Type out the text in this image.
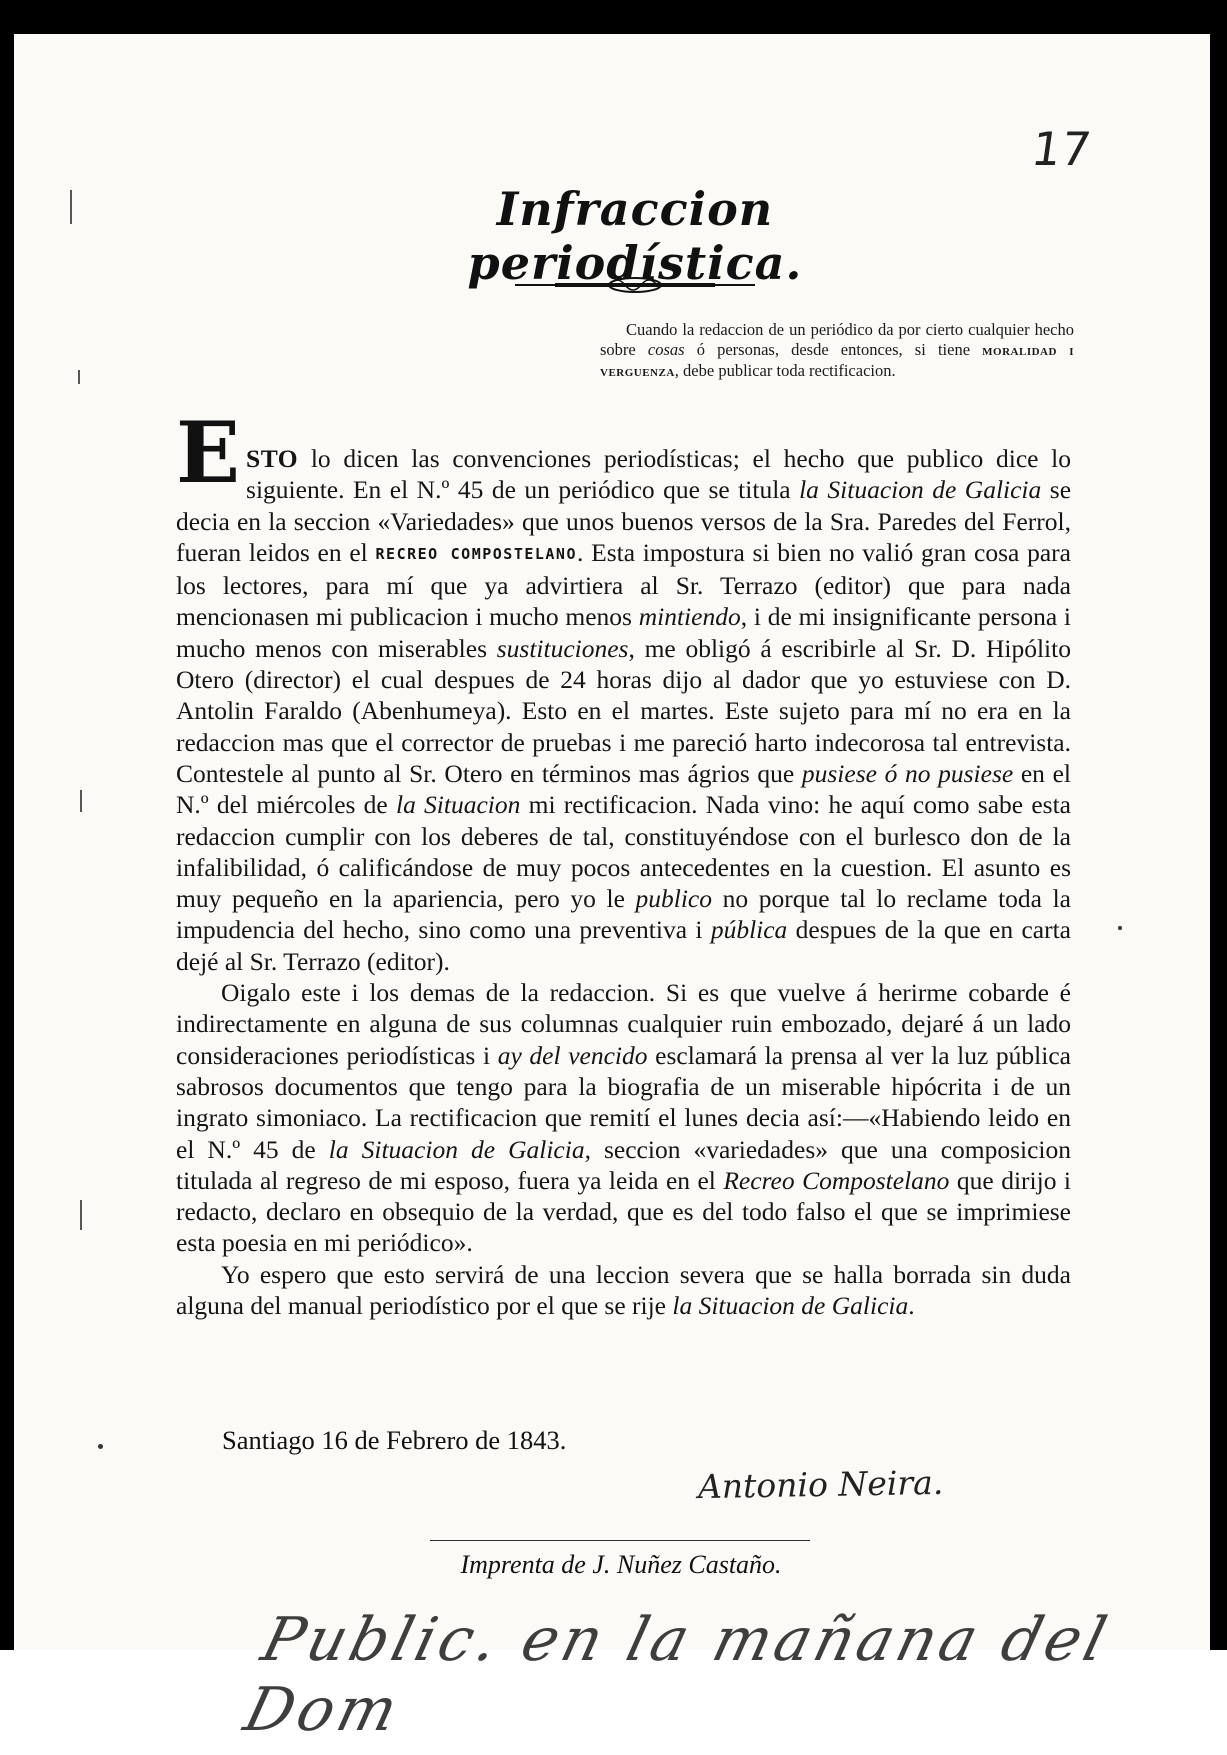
17
Infraccion periodística.
Cuando la redaccion de un periódico da por cierto cualquier hecho sobre cosas ó personas, desde entonces, si tiene moralidad i verguenza, debe publicar toda rectificacion.

ESTO lo dicen las convenciones periodísticas; el hecho que publico dice lo siguiente. En el N.º 45 de un periódico que se titula la Situacion de Galicia se decia en la seccion «Variedades» que unos buenos versos de la Sra. Paredes del Ferrol, fueran leidos en el RECREO COMPOSTELANO. Esta impostura si bien no valió gran cosa para los lectores, para mí que ya advirtiera al Sr. Terrazo (editor) que para nada mencionasen mi publicacion i mucho menos mintiendo, i de mi insignificante persona i mucho menos con miserables sustituciones, me obligó á escribirle al Sr. D. Hipólito Otero (director) el cual despues de 24 horas dijo al dador que yo estuviese con D. Antolin Faraldo (Abenhumeya). Esto en el martes. Este sujeto para mí no era en la redaccion mas que el corrector de pruebas i me pareció harto indecorosa tal entrevista. Contestele al punto al Sr. Otero en términos mas ágrios que pusiese ó no pusiese en el N.º del miércoles de la Situacion mi rectificacion. Nada vino: he aquí como sabe esta redaccion cumplir con los deberes de tal, constituyéndose con el burlesco don de la infalibilidad, ó calificándose de muy pocos antecedentes en la cuestion. El asunto es muy pequeño en la apariencia, pero yo le publico no porque tal lo reclame toda la impudencia del hecho, sino como una preventiva i pública despues de la que en carta dejé al Sr. Terrazo (editor).

Oigalo este i los demas de la redaccion. Si es que vuelve á herirme cobarde é indirectamente en alguna de sus columnas cualquier ruin embozado, dejaré á un lado consideraciones periodísticas i ay del vencido esclamará la prensa al ver la luz pública sabrosos documentos que tengo para la biografia de un miserable hipócrita i de un ingrato simoniaco. La rectificacion que remití el lunes decia así:—«Habiendo leido en el N.º 45 de la Situacion de Galicia, seccion «variedades» que una composicion titulada al regreso de mi esposo, fuera ya leida en el Recreo Compostelano que dirijo i redacto, declaro en obsequio de la verdad, que es del todo falso el que se imprimiese esta poesia en mi periódico».

Yo espero que esto servirá de una leccion severa que se halla borrada sin duda alguna del manual periodístico por el que se rije la Situacion de Galicia.

Santiago 16 de Febrero de 1843.
Antonio Neira.
Imprenta de J. Nuñez Castaño.
Public. en la mañana del Dom
